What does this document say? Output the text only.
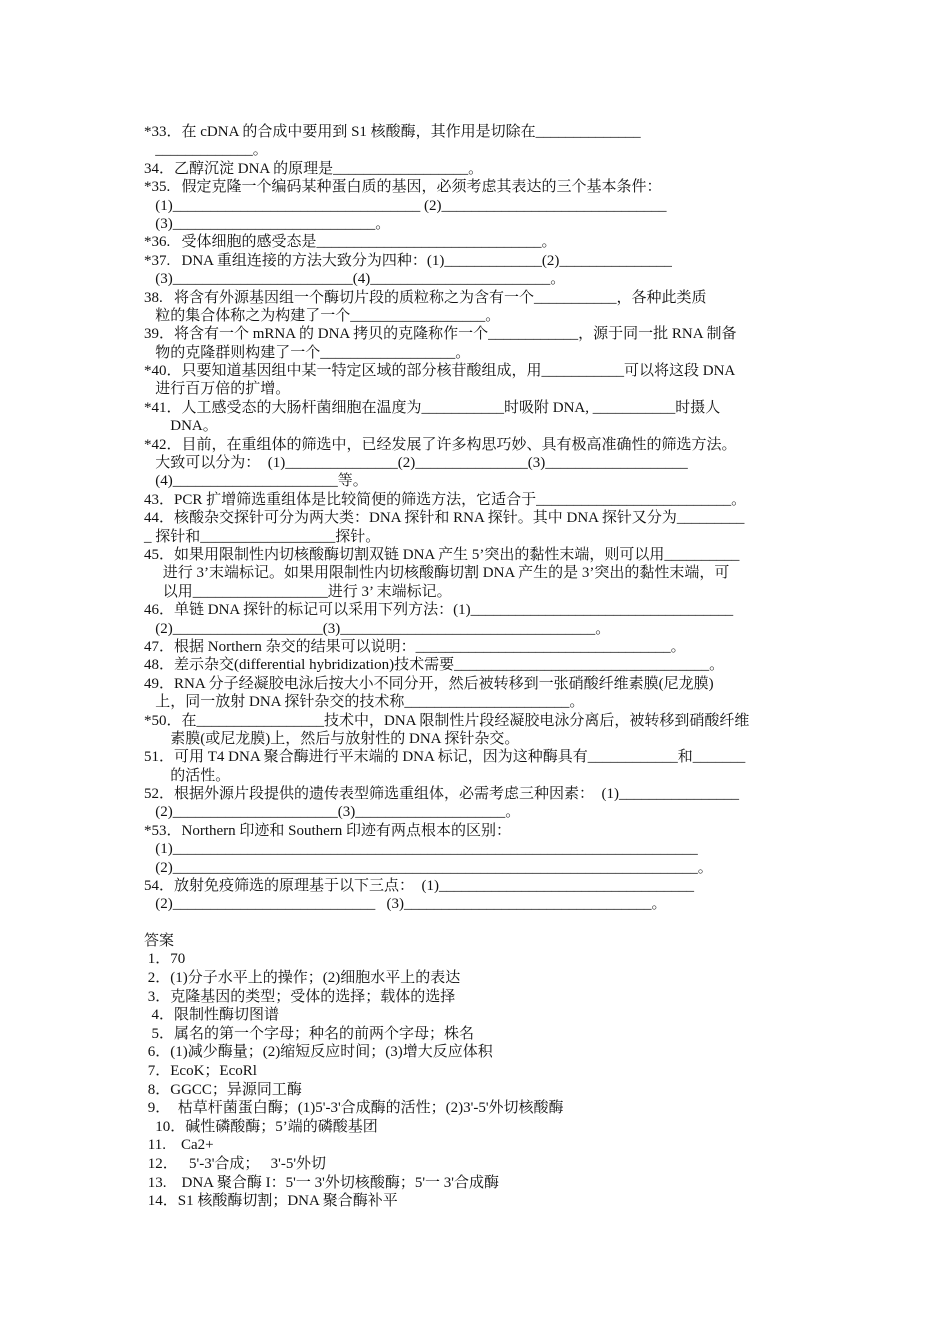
*33．在 cDNA 的合成中要用到 S1 核酸酶，其作用是切除在______________
_____________。
34．乙醇沉淀 DNA 的原理是__________________。
*35.   假定克隆一个编码某种蛋白质的基因，必须考虑其表达的三个基本条件：
(1)_________________________________ (2)______________________________
(3)___________________________。
*36.   受体细胞的感受态是______________________________。
*37.   DNA 重组连接的方法大致分为四种：(1)_____________(2)_______________
(3)________________________(4)________________________。
38.   将含有外源基因组一个酶切片段的质粒称之为含有一个___________，各种此类质
粒的集合体称之为构建了一个__________________。
39．将含有一个 mRNA 的 DNA 拷贝的克隆称作一个____________，源于同一批 RNA 制备
物的克隆群则构建了一个__________________。
*40．只要知道基因组中某一特定区域的部分核苷酸组成，用___________可以将这段 DNA
进行百万倍的扩增。
*41．人工感受态的大肠杆菌细胞在温度为___________时吸附 DNA, ___________时摄人
DNA。
*42．目前，在重组体的筛选中，已经发展了许多构思巧妙、具有极高准确性的筛选方法。
大致可以分为：  (1)_______________(2)_______________(3)___________________
(4)______________________等。
43．PCR 扩增筛选重组体是比较简便的筛选方法，它适合于__________________________。
44．核酸杂交探针可分为两大类：DNA 探针和 RNA 探针。其中 DNA 探针又分为_________
_ 探针和__________________探针。
45．如果用限制性内切核酸酶切割双链 DNA 产生 5’突出的黏性末端，则可以用__________
进行 3’末端标记。如果用限制性内切核酸酶切割 DNA 产生的是 3’突出的黏性末端，可
以用__________________进行 3’ 末端标记。
46．单链 DNA 探针的标记可以采用下列方法：(1)___________________________________
(2)____________________(3)__________________________________。
47．根据 Northern 杂交的结果可以说明：__________________________________。
48．差示杂交(differential hybridization)技术需要__________________________________。
49．RNA 分子经凝胶电泳后按大小不同分开，然后被转移到一张硝酸纤维素膜(尼龙膜)
上，同一放射 DNA 探针杂交的技术称______________________。
*50．在_________________技术中，DNA 限制性片段经凝胶电泳分离后，被转移到硝酸纤维
素膜(或尼龙膜)上，然后与放射性的 DNA 探针杂交。
51．可用 T4 DNA 聚合酶进行平末端的 DNA 标记，因为这种酶具有____________和_______
的活性。
52．根据外源片段提供的遗传表型筛选重组体，必需考虑三种因素：  (1)________________
(2)______________________(3)____________________。
*53．Northern 印迹和 Southern 印迹有两点根本的区别：
(1)______________________________________________________________________
(2)______________________________________________________________________。
54．放射免疫筛选的原理基于以下三点：  (1)__________________________________
(2)___________________________   (3)_________________________________。
答案
1．70
2．(1)分子水平上的操作；(2)细胞水平上的表达
3．克隆基因的类型；受体的选择；载体的选择
4．限制性酶切图谱
5．属名的第一个字母；种名的前两个字母；株名
6．(1)减少酶量；(2)缩短反应时间；(3)增大反应体积
7．EcoK；EcoRl
8．GGCC；异源同工酶
9．  枯草杆菌蛋白酶；(1)5'-3'合成酶的活性；(2)3'-5'外切核酸酶
10．碱性磷酸酶；5’端的磷酸基团
11.    Ca2+
12．   5'-3'合成；   3'-5'外切
13.    DNA 聚合酶 I：5'一 3'外切核酸酶；5'一 3'合成酶
14．S1 核酸酶切割；DNA 聚合酶补平
